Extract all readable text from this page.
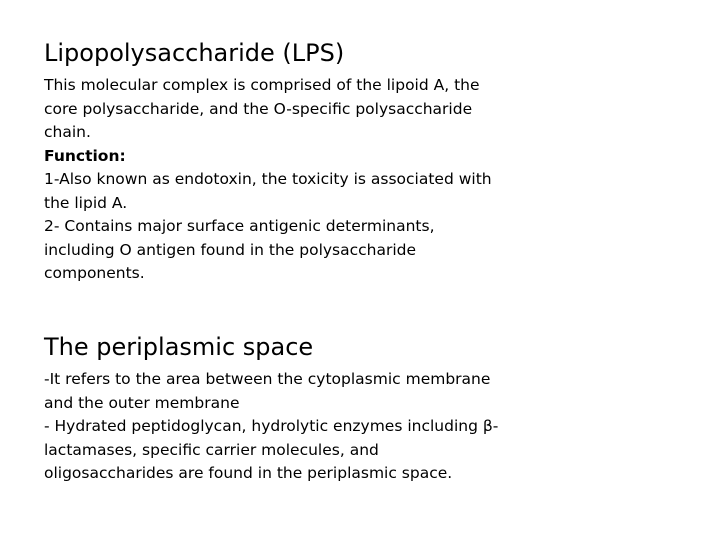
Lipopolysaccharide (LPS)

This molecular complex is comprised of the lipoid A, the

core polysaccharide, and the O-specific polysaccharide

chain.

Function:

1-Also known as endotoxin, the toxicity is associated with

the lipid A.

2- Contains major surface antigenic determinants,

including O antigen found in the polysaccharide

components.

The periplasmic space

-It refers to the area between the cytoplasmic membrane

and the outer membrane

- Hydrated peptidoglycan, hydrolytic enzymes including β-

lactamases, specific carrier molecules, and

oligosaccharides are found in the periplasmic space.
